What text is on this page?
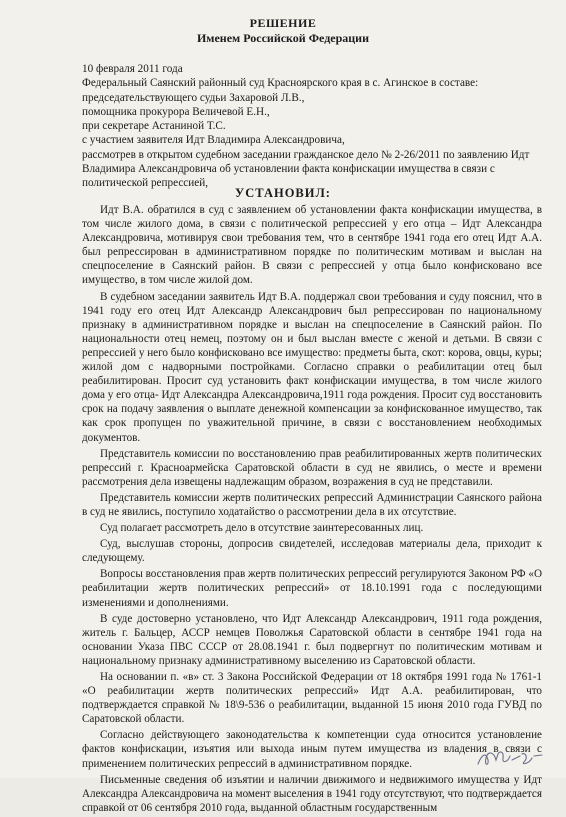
РЕШЕНИЕ
Именем Российской Федерации
10 февраля 2011 года
Федеральный Саянский районный суд Красноярского края в с. Агинское в составе:
председательствующего судьи Захаровой Л.В.,
помощника прокурора Величевой Е.Н.,
при секретаре Астаниной Т.С.
с участием заявителя Идт Владимира Александровича,
рассмотрев в открытом судебном заседании гражданское дело № 2-26/2011 по заявлению Идт
Владимира Александровича об установлении факта конфискации имущества в связи с
политической репрессией,
УСТАНОВИЛ:

Идт В.А. обратился в суд с заявлением об установлении факта конфискации имущества, в том числе жилого дома, в связи с политической репрессией у его отца – Идт Александра Александровича, мотивируя свои требования тем, что в сентябре 1941 года его отец Идт А.А. был репрессирован в административном порядке по политическим мотивам и выслан на спецпоселение в Саянский район. В связи с репрессией у отца было конфисковано все имущество, в том числе жилой дом.

В судебном заседании заявитель Идт В.А. поддержал свои требования и суду пояснил, что в 1941 году его отец Идт Александр Александрович был репрессирован по национальному признаку в административном порядке и выслан на спецпоселение в Саянский район. По национальности отец немец, поэтому он и был выслан вместе с женой и детьми. В связи с репрессией у него было конфисковано все имущество: предметы быта, скот: корова, овцы, куры; жилой дом с надворными постройками. Согласно справки о реабилитации отец был реабилитирован. Просит суд установить факт конфискации имущества, в том числе жилого дома у его отца- Идт Александра Александровича,1911 года рождения. Просит суд восстановить срок на подачу заявления о выплате денежной компенсации за конфискованное имущество, так как срок пропущен по уважительной причине, в связи с восстановлением необходимых документов.

Представитель комиссии по восстановлению прав реабилитированных жертв политических репрессий г. Красноармейска Саратовской области в суд не явились, о месте и времени рассмотрения дела извещены надлежащим образом, возражения в суд не представили.

Представитель комиссии жертв политических репрессий Администрации Саянского района в суд не явились, поступило ходатайство о рассмотрении дела в их отсутствие.

Суд полагает рассмотреть дело в отсутствие заинтересованных лиц.

Суд, выслушав стороны, допросив свидетелей, исследовав материалы дела, приходит к следующему.

Вопросы восстановления прав жертв политических репрессий регулируются Законом РФ «О реабилитации жертв политических репрессий» от 18.10.1991 года с последующими изменениями и дополнениями.

В суде достоверно установлено, что Идт Александр Александрович, 1911 года рождения, житель г. Бальцер, АССР немцев Поволжья Саратовской области в сентябре 1941 года на основании Указа ПВС СССР от 28.08.1941 г. был подвергнут по политическим мотивам и национальному признаку административному выселению из Саратовской области.

На основании п. «в» ст. 3 Закона Российской Федерации от 18 октября 1991 года № 1761-1 «О реабилитации жертв политических репрессий» Идт А.А. реабилитирован, что подтверждается справкой № 18\9-536 о реабилитации, выданной 15 июня 2010 года ГУВД по Саратовской области.

Согласно действующего законодательства к компетенции суда относится установление фактов конфискации, изъятия или выхода иным путем имущества из владения в связи с применением политических репрессий в административном порядке.

Письменные сведения об изъятии и наличии движимого и недвижимого имущества у Идт Александра Александровича на момент выселения в 1941 году отсутствуют, что подтверждается справкой от 06 сентября 2010 года, выданной областным государственным
